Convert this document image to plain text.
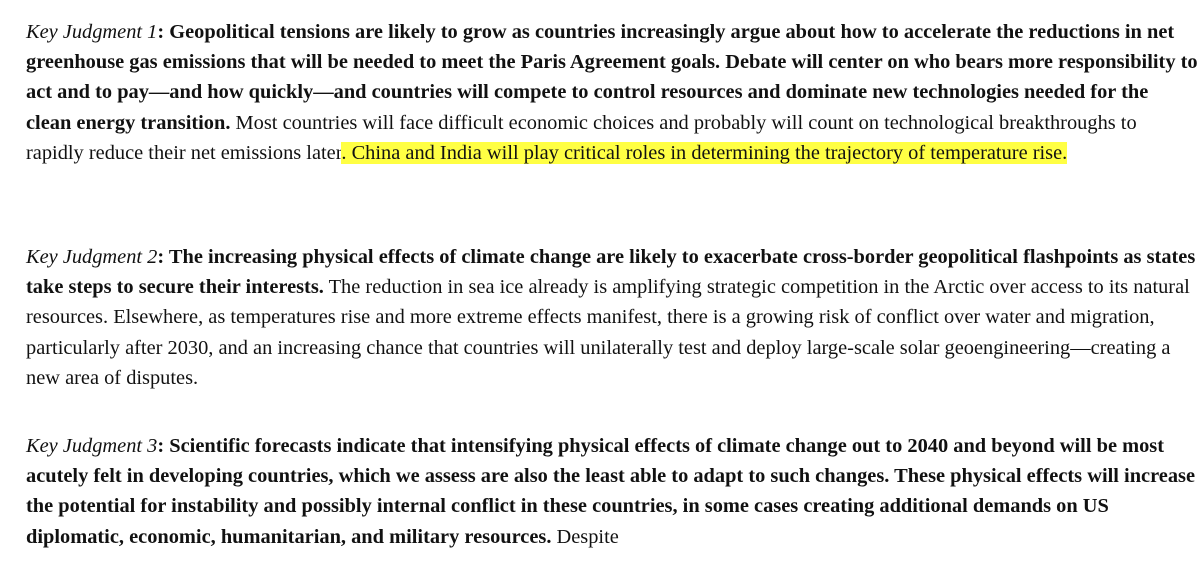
Key Judgment 1: Geopolitical tensions are likely to grow as countries increasingly argue about how to accelerate the reductions in net greenhouse gas emissions that will be needed to meet the Paris Agreement goals. Debate will center on who bears more responsibility to act and to pay—and how quickly—and countries will compete to control resources and dominate new technologies needed for the clean energy transition. Most countries will face difficult economic choices and probably will count on technological breakthroughs to rapidly reduce their net emissions later. China and India will play critical roles in determining the trajectory of temperature rise.

Key Judgment 2: The increasing physical effects of climate change are likely to exacerbate cross-border geopolitical flashpoints as states take steps to secure their interests. The reduction in sea ice already is amplifying strategic competition in the Arctic over access to its natural resources. Elsewhere, as temperatures rise and more extreme effects manifest, there is a growing risk of conflict over water and migration, particularly after 2030, and an increasing chance that countries will unilaterally test and deploy large-scale solar geoengineering—creating a new area of disputes.

Key Judgment 3: Scientific forecasts indicate that intensifying physical effects of climate change out to 2040 and beyond will be most acutely felt in developing countries, which we assess are also the least able to adapt to such changes. These physical effects will increase the potential for instability and possibly internal conflict in these countries, in some cases creating additional demands on US diplomatic, economic, humanitarian, and military resources. Despite
